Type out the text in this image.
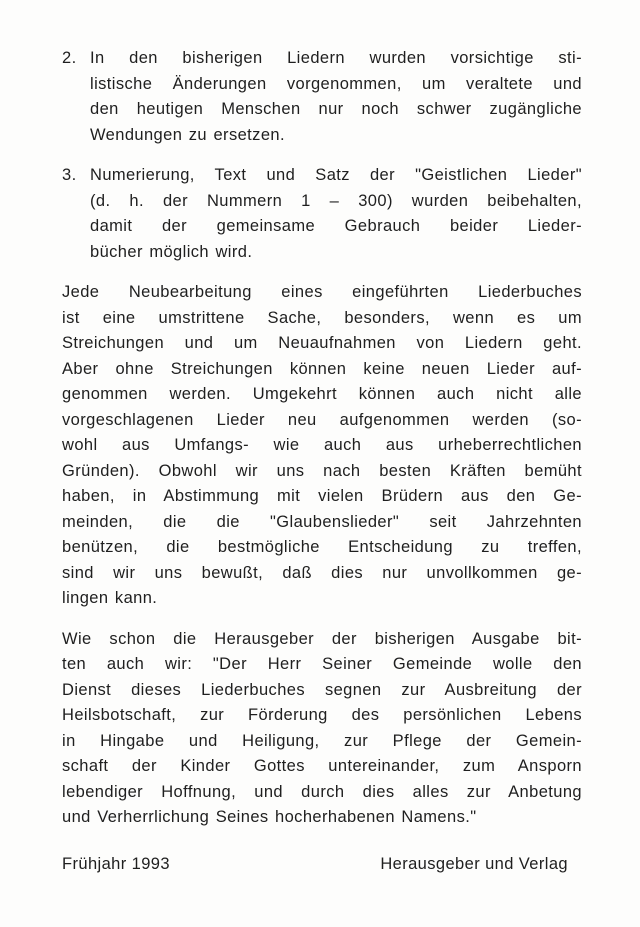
2. In den bisherigen Liedern wurden vorsichtige sti-
listische Änderungen vorgenommen, um veraltete und
den heutigen Menschen nur noch schwer zugängliche
Wendungen zu ersetzen.
3. Numerierung, Text und Satz der "Geistlichen Lieder"
(d. h. der Nummern 1 – 300) wurden beibehalten,
damit der gemeinsame Gebrauch beider Lieder-
bücher möglich wird.
Jede Neubearbeitung eines eingeführten Liederbuches
ist eine umstrittene Sache, besonders, wenn es um
Streichungen und um Neuaufnahmen von Liedern geht.
Aber ohne Streichungen können keine neuen Lieder auf-
genommen werden. Umgekehrt können auch nicht alle
vorgeschlagenen Lieder neu aufgenommen werden (so-
wohl aus Umfangs- wie auch aus urheberrechtlichen
Gründen). Obwohl wir uns nach besten Kräften bemüht
haben, in Abstimmung mit vielen Brüdern aus den Ge-
meinden, die die "Glaubenslieder" seit Jahrzehnten
benützen, die bestmögliche Entscheidung zu treffen,
sind wir uns bewußt, daß dies nur unvollkommen ge-
lingen kann.
Wie schon die Herausgeber der bisherigen Ausgabe bit-
ten auch wir: "Der Herr Seiner Gemeinde wolle den
Dienst dieses Liederbuches segnen zur Ausbreitung der
Heilsbotschaft, zur Förderung des persönlichen Lebens
in Hingabe und Heiligung, zur Pflege der Gemein-
schaft der Kinder Gottes untereinander, zum Ansporn
lebendiger Hoffnung, und durch dies alles zur Anbetung
und Verherrlichung Seines hocherhabenen Namens."
Frühjahr 1993	Herausgeber und Verlag
